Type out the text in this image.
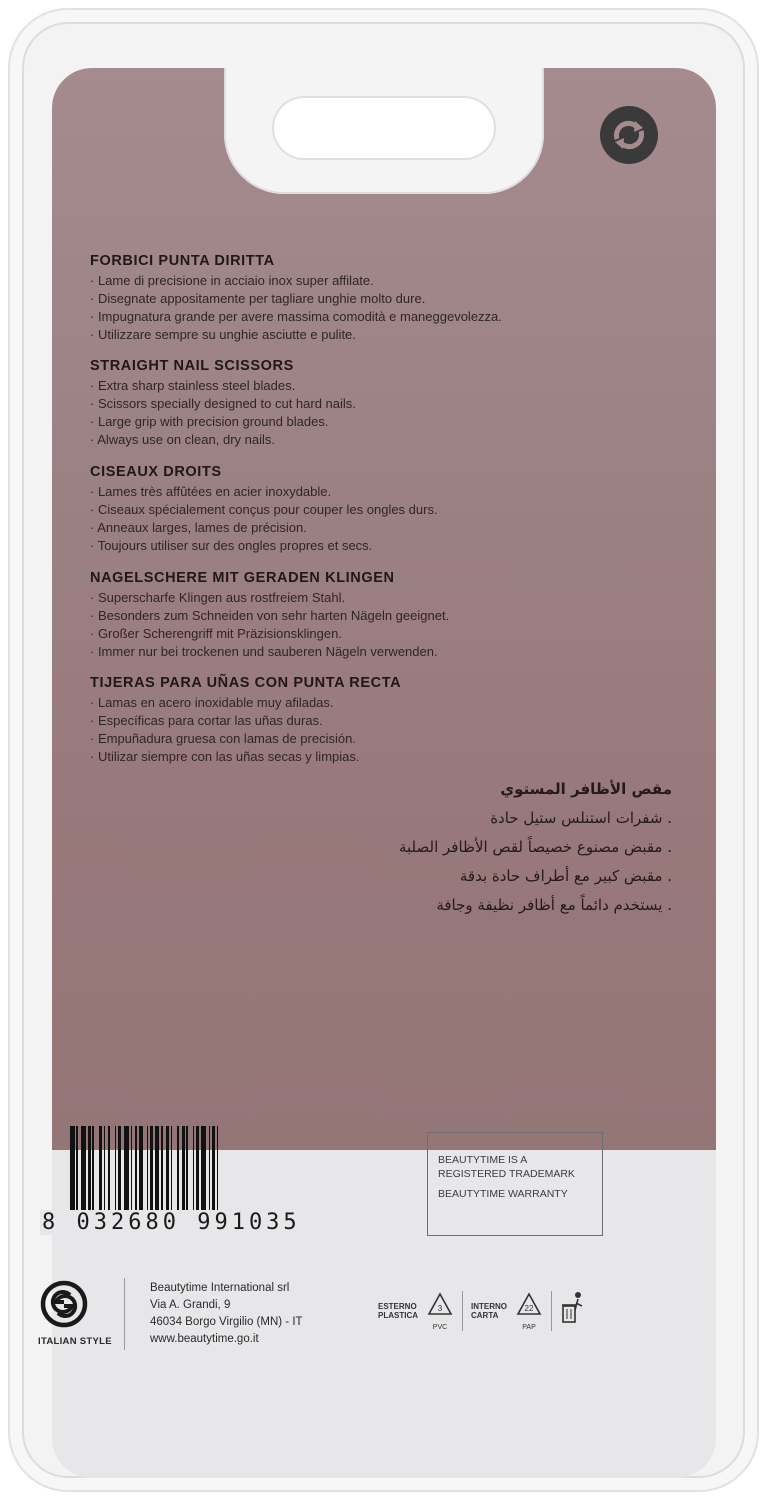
FORBICI PUNTA DIRITTA
· Lame di precisione in acciaio inox super affilate.
· Disegnate appositamente per tagliare unghie molto dure.
· Impugnatura grande per avere massima comodità e maneggevolezza.
· Utilizzare sempre su unghie asciutte e pulite.
STRAIGHT NAIL SCISSORS
· Extra sharp stainless steel blades.
· Scissors specially designed to cut hard nails.
· Large grip with precision ground blades.
· Always use on clean, dry nails.
CISEAUX DROITS
· Lames très affûtées en acier inoxydable.
· Ciseaux spécialement conçus pour couper les ongles durs.
· Anneaux larges, lames de précision.
· Toujours utiliser sur des ongles propres et secs.
NAGELSCHERE MIT GERADEN KLINGEN
· Superscharfe Klingen aus rostfreiem Stahl.
· Besonders zum Schneiden von sehr harten Nägeln geeignet.
· Großer Scherengriff mit Präzisionsklingen.
· Immer nur bei trockenen und sauberen Nägeln verwenden.
TIJERAS PARA UÑAS CON PUNTA RECTA
· Lamas en acero inoxidable muy afiladas.
· Específicas para cortar las uñas duras.
· Empuñadura gruesa con lamas de precisión.
· Utilizar siempre con las uñas secas y limpias.
مقص الأظافر المستوي
. شفرات استنلس ستيل حادة
. مقبض مصنوع خصيصاً لقص الأظافر الصلبة
. مقبض كبير مع أطراف حادة بدقة
. يستخدم دائماً مع أظافر نظيفة وجافة
8 032680 991035
BEAUTYTIME IS A REGISTERED TRADEMARK
BEAUTYTIME WARRANTY
ITALIAN STYLE
Beautytime International srl
Via A. Grandi, 9
46034 Borgo Virgilio (MN) - IT
www.beautytime.go.it
ESTERNO
PLASTICA
3
PVC
INTERNO
CARTA
22
PAP
